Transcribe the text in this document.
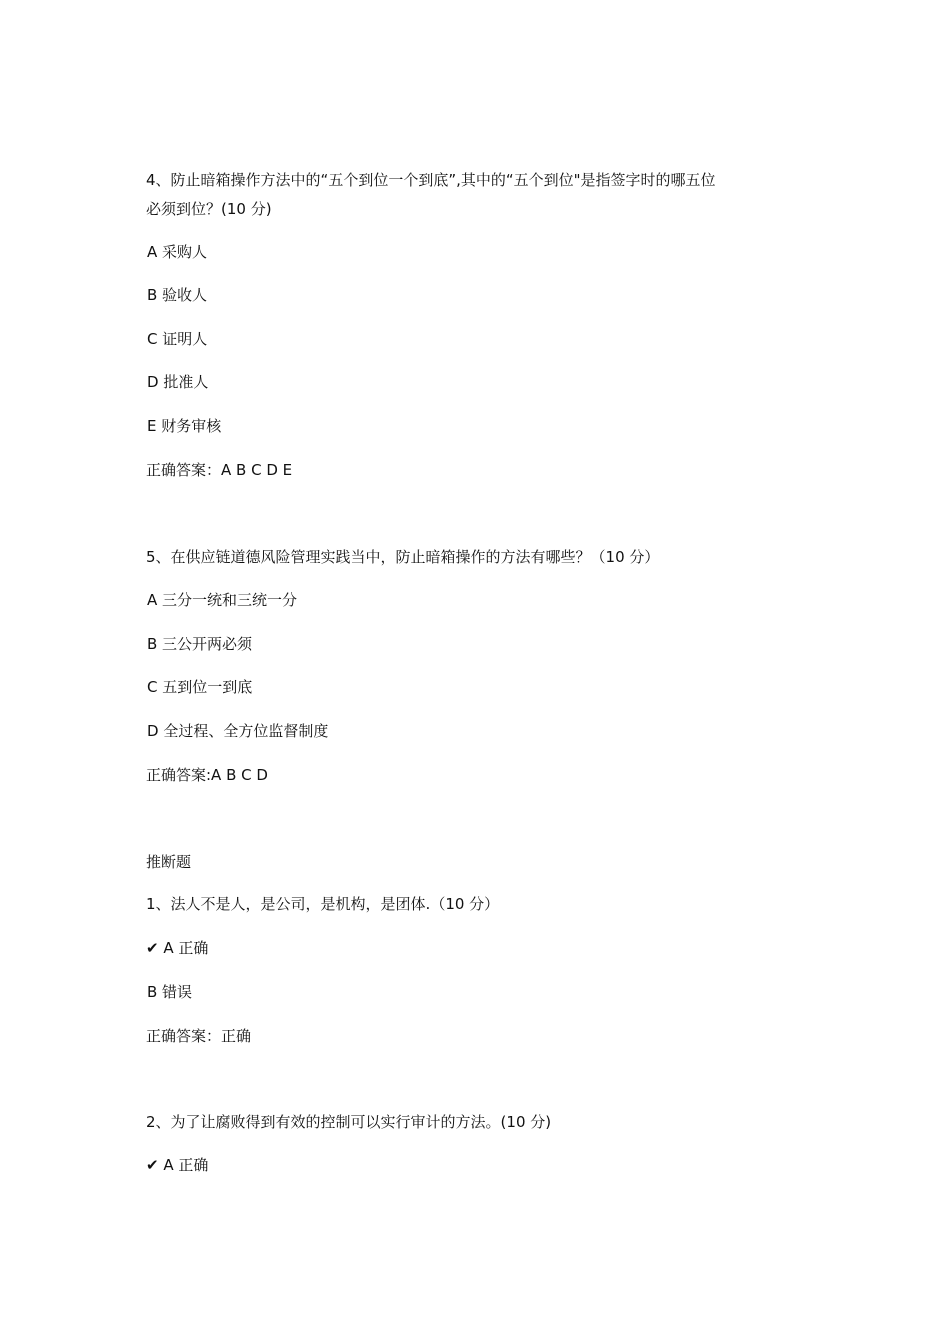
4、防止暗箱操作方法中的“五个到位一个到底”,其中的“五个到位"是指签字时的哪五位

必须到位？(10 分)

A 采购人

B 验收人

C 证明人

D 批准人

E 财务审核

正确答案：A B C D E

5、在供应链道德风险管理实践当中，防止暗箱操作的方法有哪些？（10 分）

A 三分一统和三统一分

B 三公开两必须

C 五到位一到底

D 全过程、全方位监督制度

正确答案:A B C D

推断题

1、法人不是人，是公司，是机构，是团体.（10 分）

✔ A 正确

B 错误

正确答案：正确

2、为了让腐败得到有效的控制可以实行审计的方法。(10 分)

✔ A 正确
